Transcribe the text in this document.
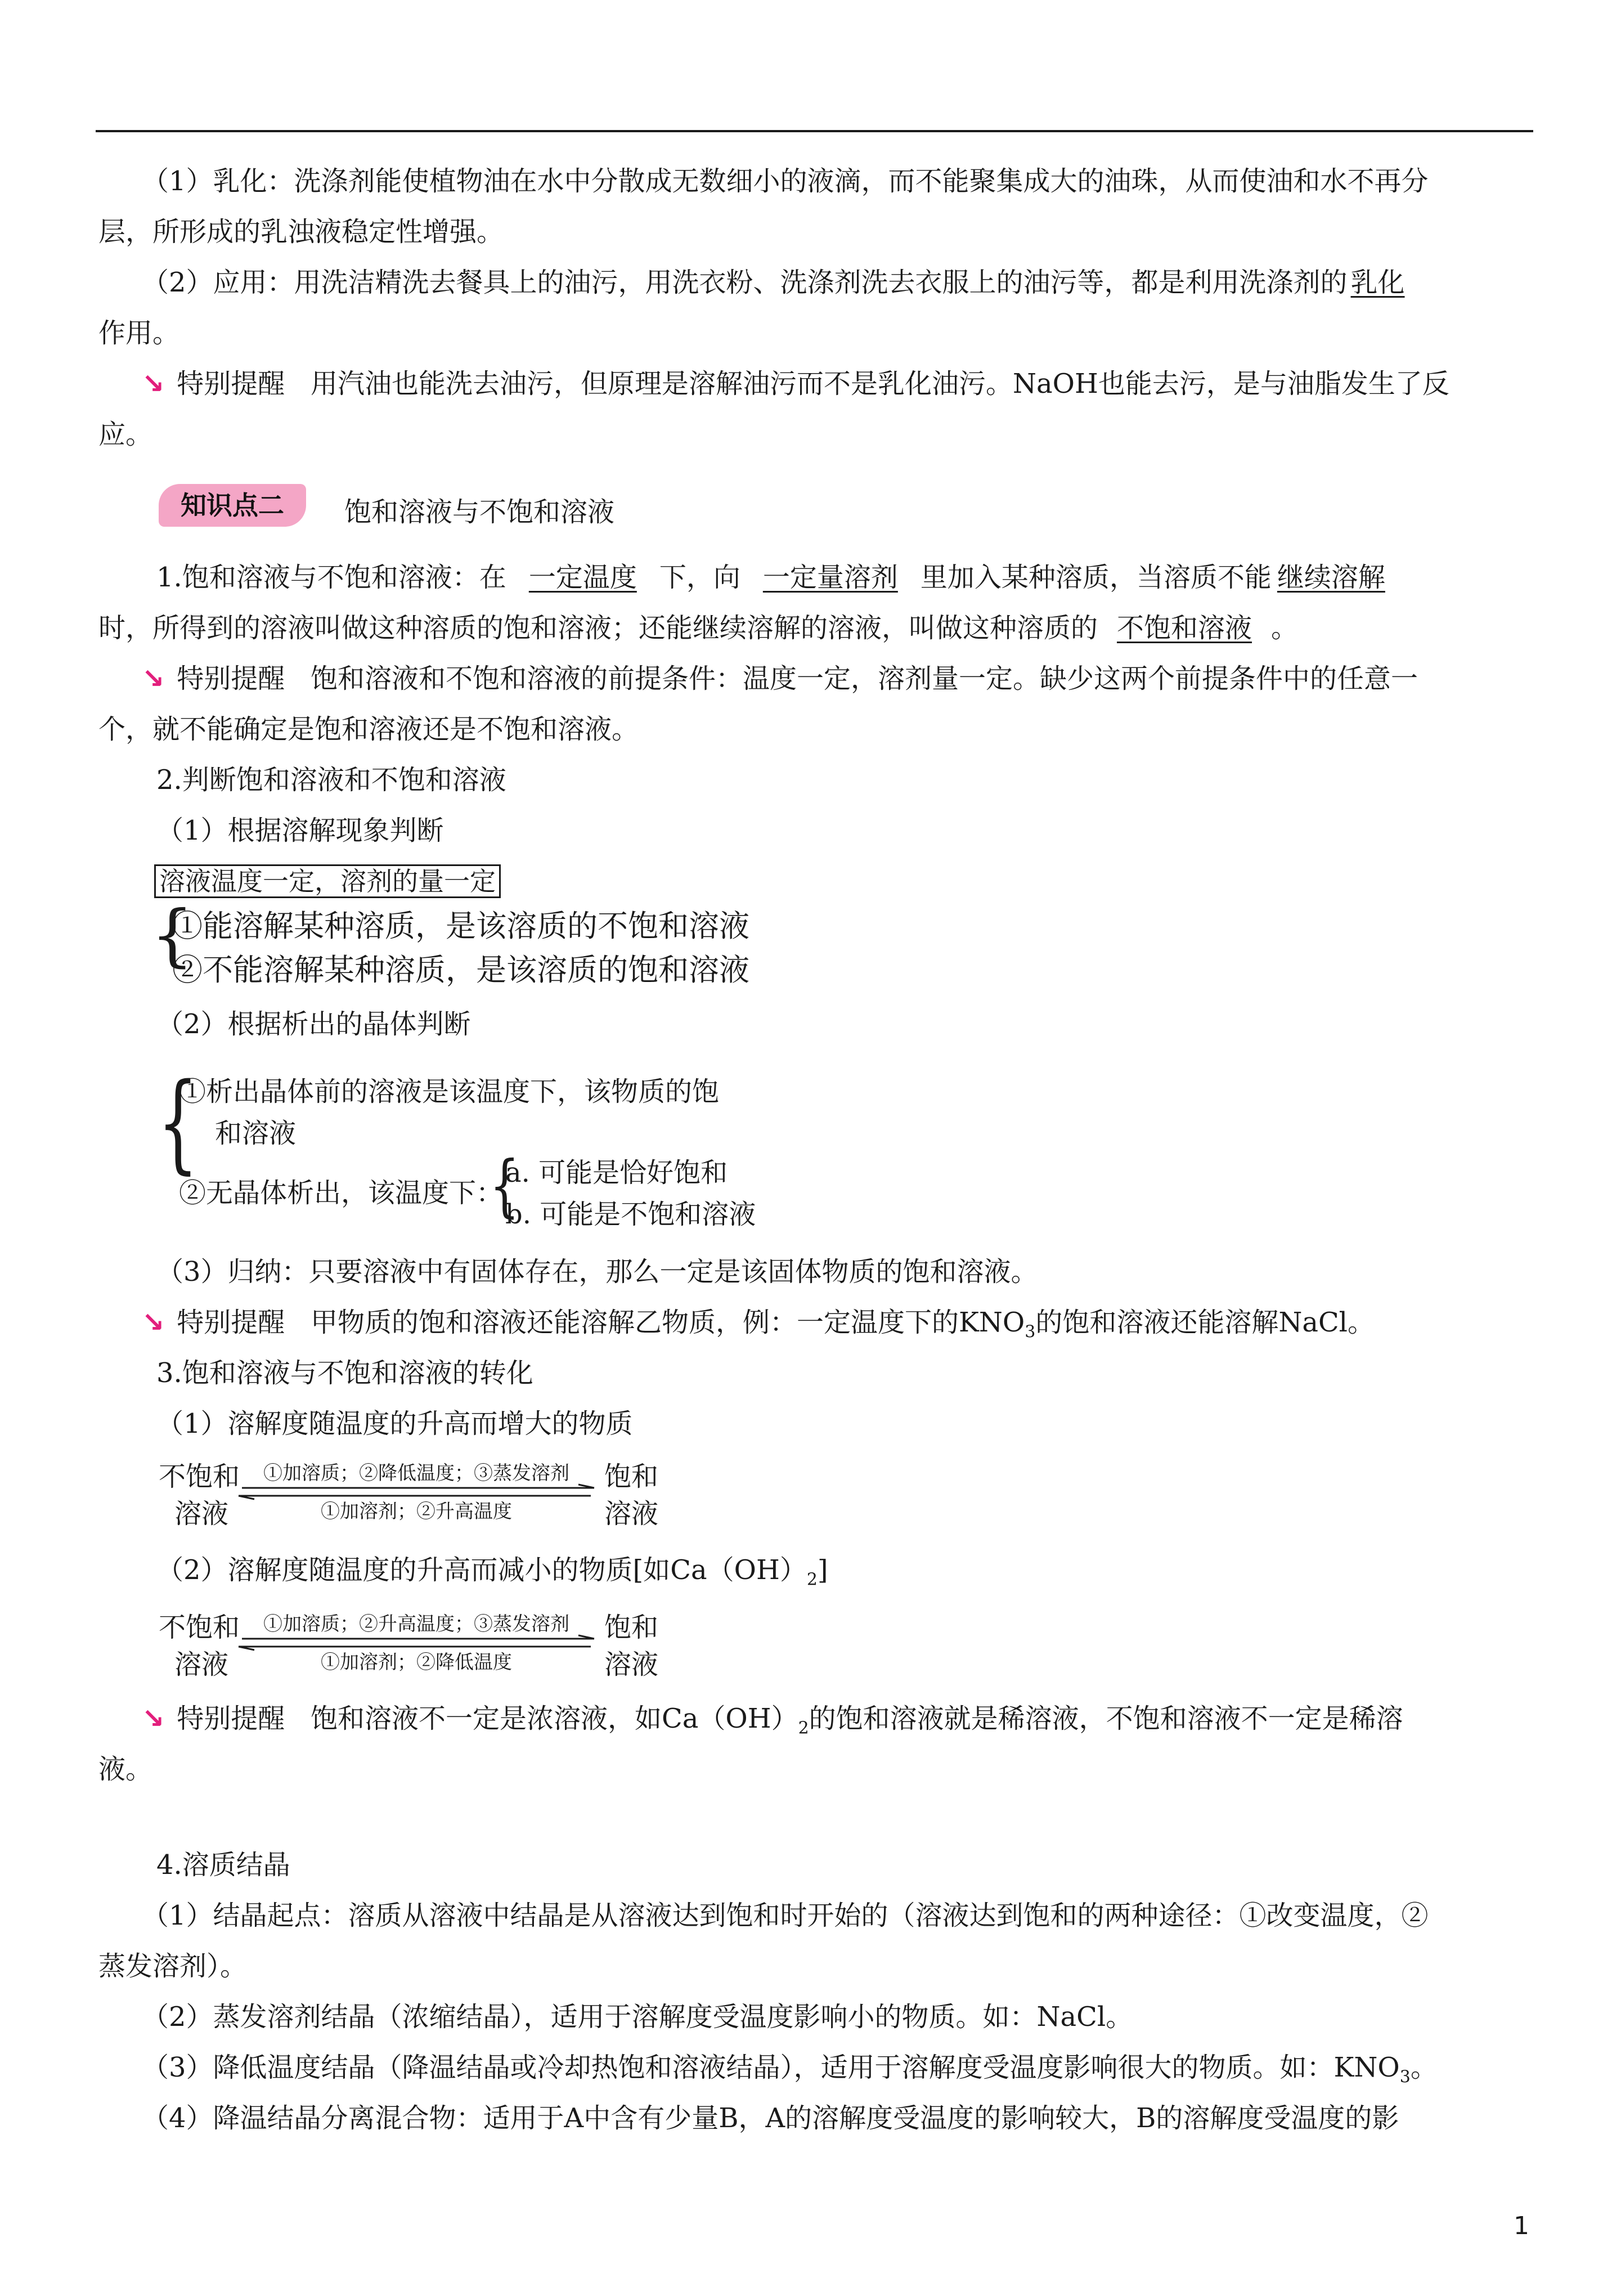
（1）乳化：洗涤剂能使植物油在水中分散成无数细小的液滴，而不能聚集成大的油珠，从而使油和水不再分
层，所形成的乳浊液稳定性增强。
（2）应用：用洗洁精洗去餐具上的油污，用洗衣粉、洗涤剂洗去衣服上的油污等，都是利用洗涤剂的 乳化
作用。
↘ 特别提醒 用汽油也能洗去油污，但原理是溶解油污而不是乳化油污。NaOH也能去污，是与油脂发生了反
应。
知识点二	饱和溶液与不饱和溶液
1.饱和溶液与不饱和溶液：在 一定温度 下，向 一定量溶剂 里加入某种溶质，当溶质不能 继续溶解
时，所得到的溶液叫做这种溶质的饱和溶液；还能继续溶解的溶液，叫做这种溶质的 不饱和溶液 。
↘ 特别提醒 饱和溶液和不饱和溶液的前提条件：温度一定，溶剂量一定。缺少这两个前提条件中的任意一
个，就不能确定是饱和溶液还是不饱和溶液。
2.判断饱和溶液和不饱和溶液
（1）根据溶解现象判断
溶液温度一定，溶剂的量一定
{
①能溶解某种溶质，是该溶质的不饱和溶液
②不能溶解某种溶质，是该溶质的饱和溶液
（2）根据析出的晶体判断
{
①析出晶体前的溶液是该温度下，该物质的饱
和溶液
②无晶体析出，该温度下：
{
a. 可能是恰好饱和
b. 可能是不饱和溶液
（3）归纳：只要溶液中有固体存在，那么一定是该固体物质的饱和溶液。
↘ 特别提醒 甲物质的饱和溶液还能溶解乙物质，例：一定温度下的$KNO_3$的饱和溶液还能溶解NaCl。
3.饱和溶液与不饱和溶液的转化
（1）溶解度随温度的升高而增大的物质
不饱和
溶液
①加溶质；②降低温度；③蒸发溶剂
①加溶剂；②升高温度
饱和
溶液
（2）溶解度随温度的升高而减小的物质[如$Ca(OH)_2$]
不饱和
溶液
①加溶质；②升高温度；③蒸发溶剂
①加溶剂；②降低温度
饱和
溶液
↘ 特别提醒 饱和溶液不一定是浓溶液，如$Ca(OH)_2$的饱和溶液就是稀溶液，不饱和溶液不一定是稀溶
液。
4.溶质结晶
（1）结晶起点：溶质从溶液中结晶是从溶液达到饱和时开始的（溶液达到饱和的两种途径：①改变温度，②
蒸发溶剂）。
（2）蒸发溶剂结晶（浓缩结晶），适用于溶解度受温度影响小的物质。如：NaCl。
（3）降低温度结晶（降温结晶或冷却热饱和溶液结晶），适用于溶解度受温度影响很大的物质。如：$KNO_3$。
（4）降温结晶分离混合物：适用于A中含有少量B，A的溶解度受温度的影响较大，B的溶解度受温度的影
1
